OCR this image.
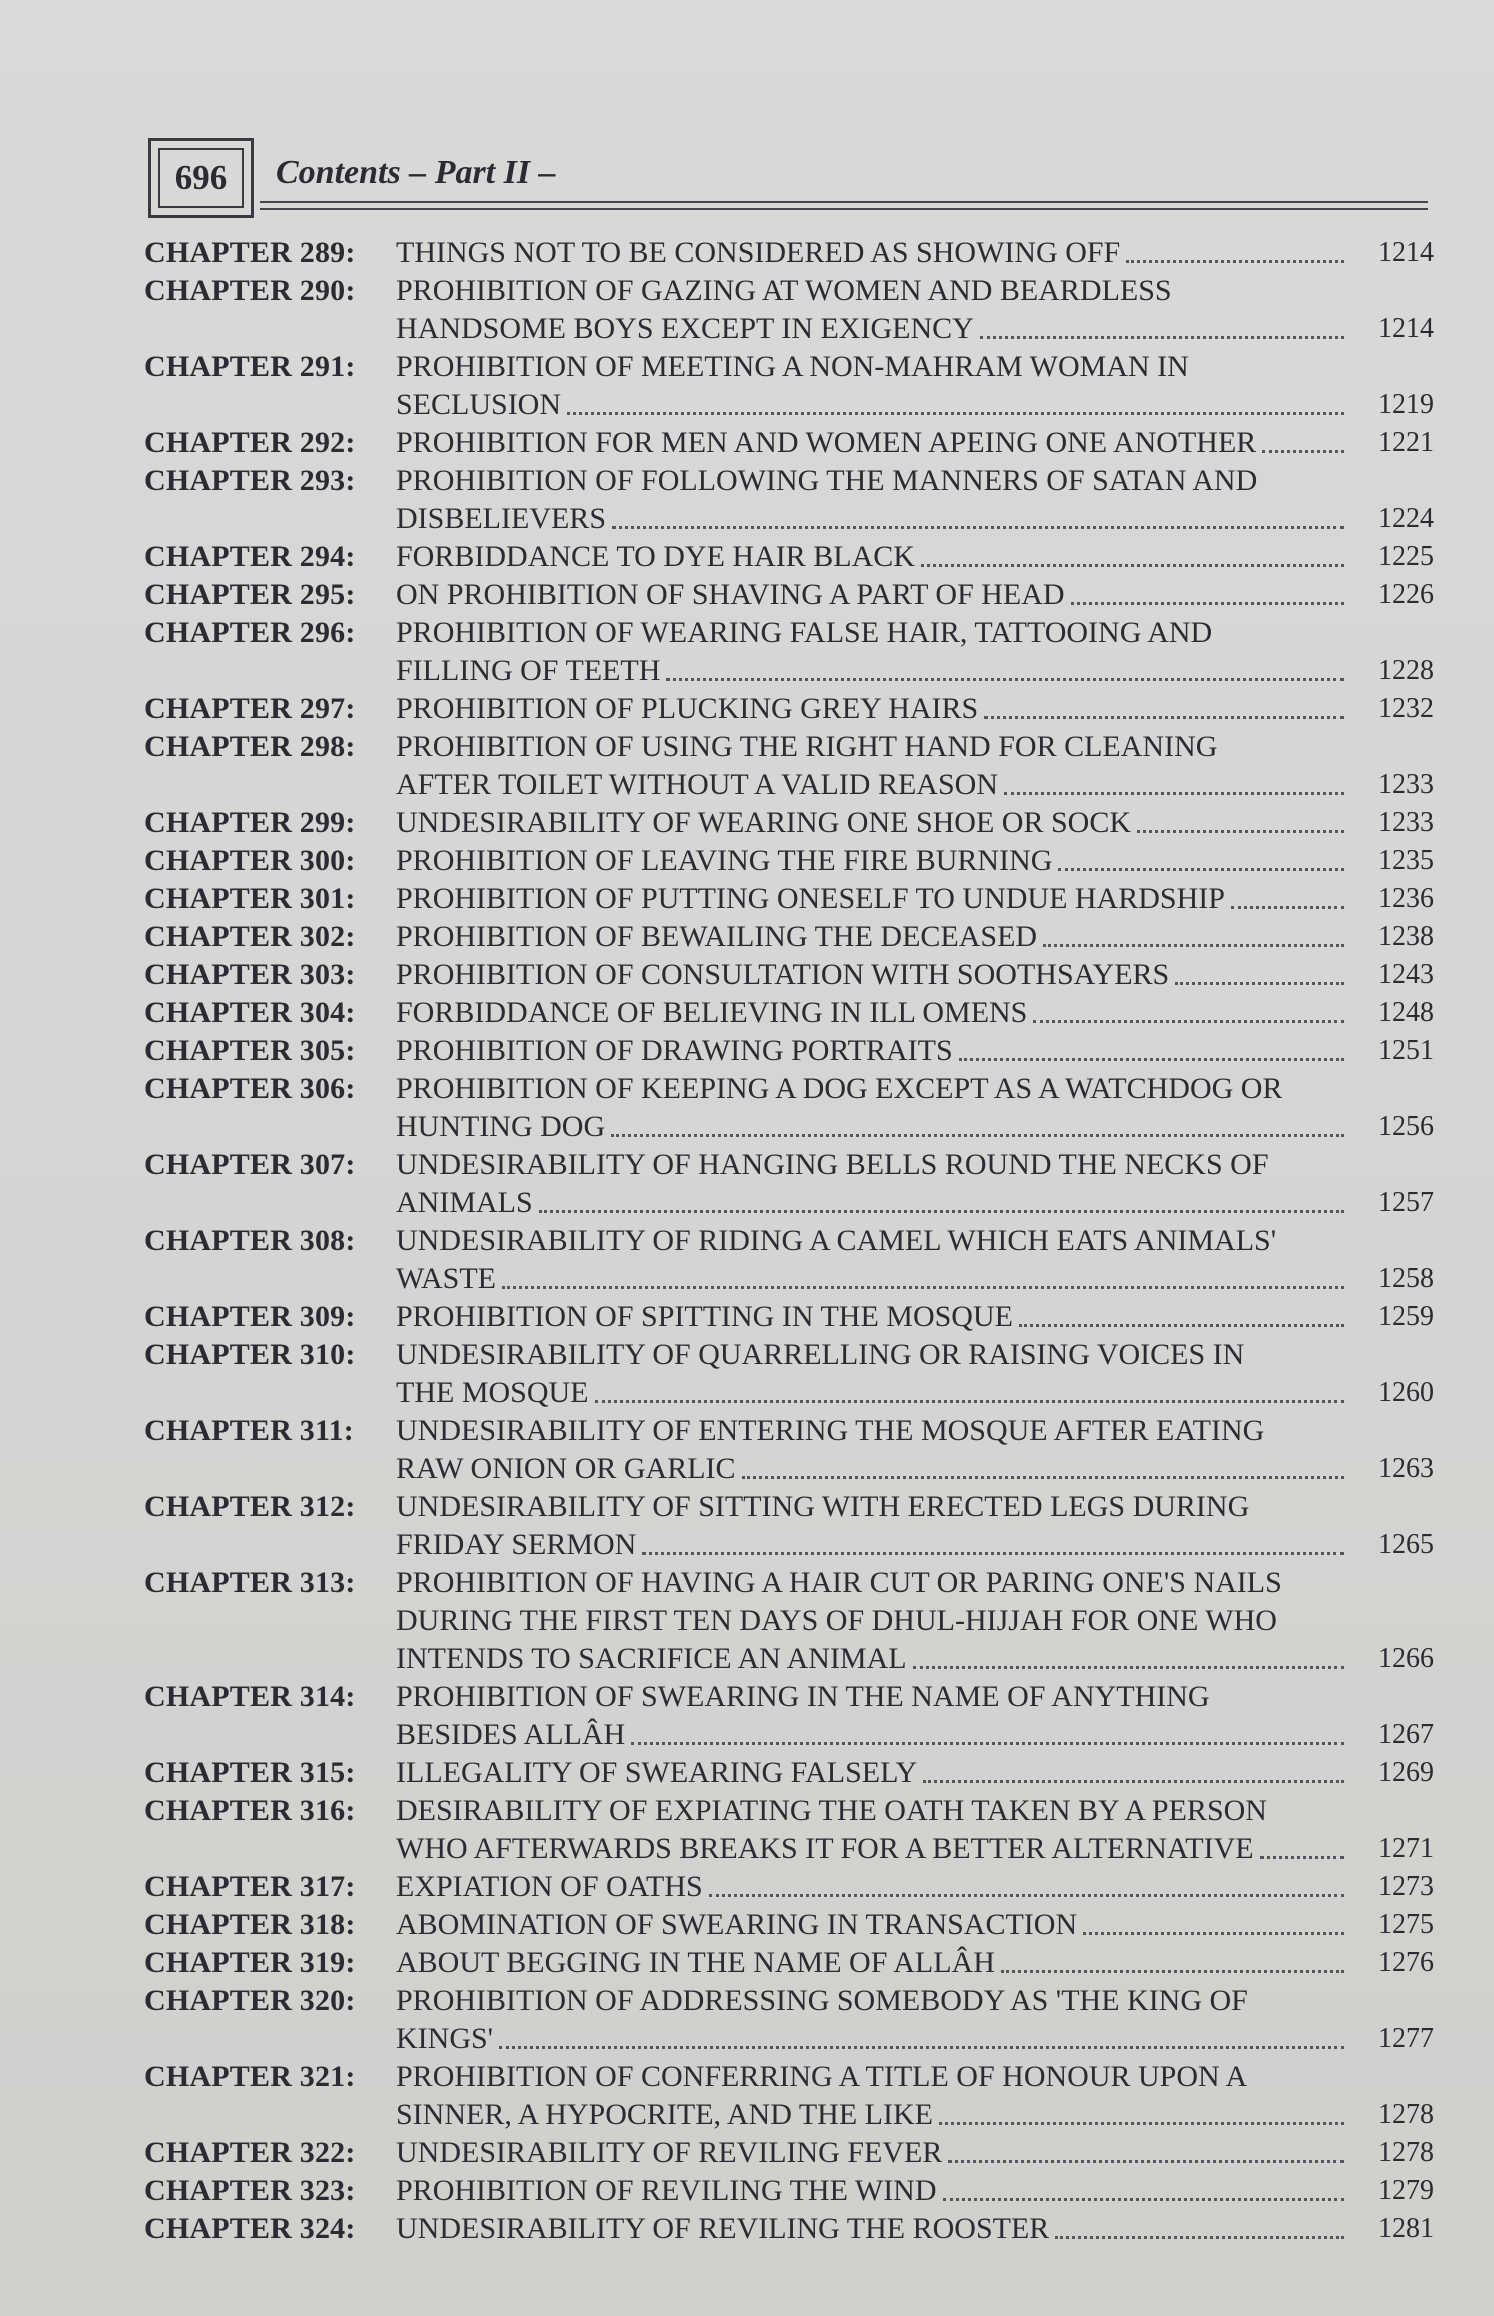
696	Contents – Part II –
CHAPTER 289:	THINGS NOT TO BE CONSIDERED AS SHOWING OFF	1214
CHAPTER 290:	PROHIBITION OF GAZING AT WOMEN AND BEARDLESS
HANDSOME BOYS EXCEPT IN EXIGENCY	1214
CHAPTER 291:	PROHIBITION OF MEETING A NON-MAHRAM WOMAN IN
SECLUSION	1219
CHAPTER 292:	PROHIBITION FOR MEN AND WOMEN APEING ONE ANOTHER	1221
CHAPTER 293:	PROHIBITION OF FOLLOWING THE MANNERS OF SATAN AND
DISBELIEVERS	1224
CHAPTER 294:	FORBIDDANCE TO DYE HAIR BLACK	1225
CHAPTER 295:	ON PROHIBITION OF SHAVING A PART OF HEAD	1226
CHAPTER 296:	PROHIBITION OF WEARING FALSE HAIR, TATTOOING AND
FILLING OF TEETH	1228
CHAPTER 297:	PROHIBITION OF PLUCKING GREY HAIRS	1232
CHAPTER 298:	PROHIBITION OF USING THE RIGHT HAND FOR CLEANING
AFTER TOILET WITHOUT A VALID REASON	1233
CHAPTER 299:	UNDESIRABILITY OF WEARING ONE SHOE OR SOCK	1233
CHAPTER 300:	PROHIBITION OF LEAVING THE FIRE BURNING	1235
CHAPTER 301:	PROHIBITION OF PUTTING ONESELF TO UNDUE HARDSHIP	1236
CHAPTER 302:	PROHIBITION OF BEWAILING THE DECEASED	1238
CHAPTER 303:	PROHIBITION OF CONSULTATION WITH SOOTHSAYERS	1243
CHAPTER 304:	FORBIDDANCE OF BELIEVING IN ILL OMENS	1248
CHAPTER 305:	PROHIBITION OF DRAWING PORTRAITS	1251
CHAPTER 306:	PROHIBITION OF KEEPING A DOG EXCEPT AS A WATCHDOG OR
HUNTING DOG	1256
CHAPTER 307:	UNDESIRABILITY OF HANGING BELLS ROUND THE NECKS OF
ANIMALS	1257
CHAPTER 308:	UNDESIRABILITY OF RIDING A CAMEL WHICH EATS ANIMALS'
WASTE	1258
CHAPTER 309:	PROHIBITION OF SPITTING IN THE MOSQUE	1259
CHAPTER 310:	UNDESIRABILITY OF QUARRELLING OR RAISING VOICES IN
THE MOSQUE	1260
CHAPTER 311:	UNDESIRABILITY OF ENTERING THE MOSQUE AFTER EATING
RAW ONION OR GARLIC	1263
CHAPTER 312:	UNDESIRABILITY OF SITTING WITH ERECTED LEGS DURING
FRIDAY SERMON	1265
CHAPTER 313:	PROHIBITION OF HAVING A HAIR CUT OR PARING ONE'S NAILS
DURING THE FIRST TEN DAYS OF DHUL-HIJJAH FOR ONE WHO
INTENDS TO SACRIFICE AN ANIMAL	1266
CHAPTER 314:	PROHIBITION OF SWEARING IN THE NAME OF ANYTHING
BESIDES ALLÂH	1267
CHAPTER 315:	ILLEGALITY OF SWEARING FALSELY	1269
CHAPTER 316:	DESIRABILITY OF EXPIATING THE OATH TAKEN BY A PERSON
WHO AFTERWARDS BREAKS IT FOR A BETTER ALTERNATIVE	1271
CHAPTER 317:	EXPIATION OF OATHS	1273
CHAPTER 318:	ABOMINATION OF SWEARING IN TRANSACTION	1275
CHAPTER 319:	ABOUT BEGGING IN THE NAME OF ALLÂH	1276
CHAPTER 320:	PROHIBITION OF ADDRESSING SOMEBODY AS 'THE KING OF
KINGS'	1277
CHAPTER 321:	PROHIBITION OF CONFERRING A TITLE OF HONOUR UPON A
SINNER, A HYPOCRITE, AND THE LIKE	1278
CHAPTER 322:	UNDESIRABILITY OF REVILING FEVER	1278
CHAPTER 323:	PROHIBITION OF REVILING THE WIND	1279
CHAPTER 324:	UNDESIRABILITY OF REVILING THE ROOSTER	1281
